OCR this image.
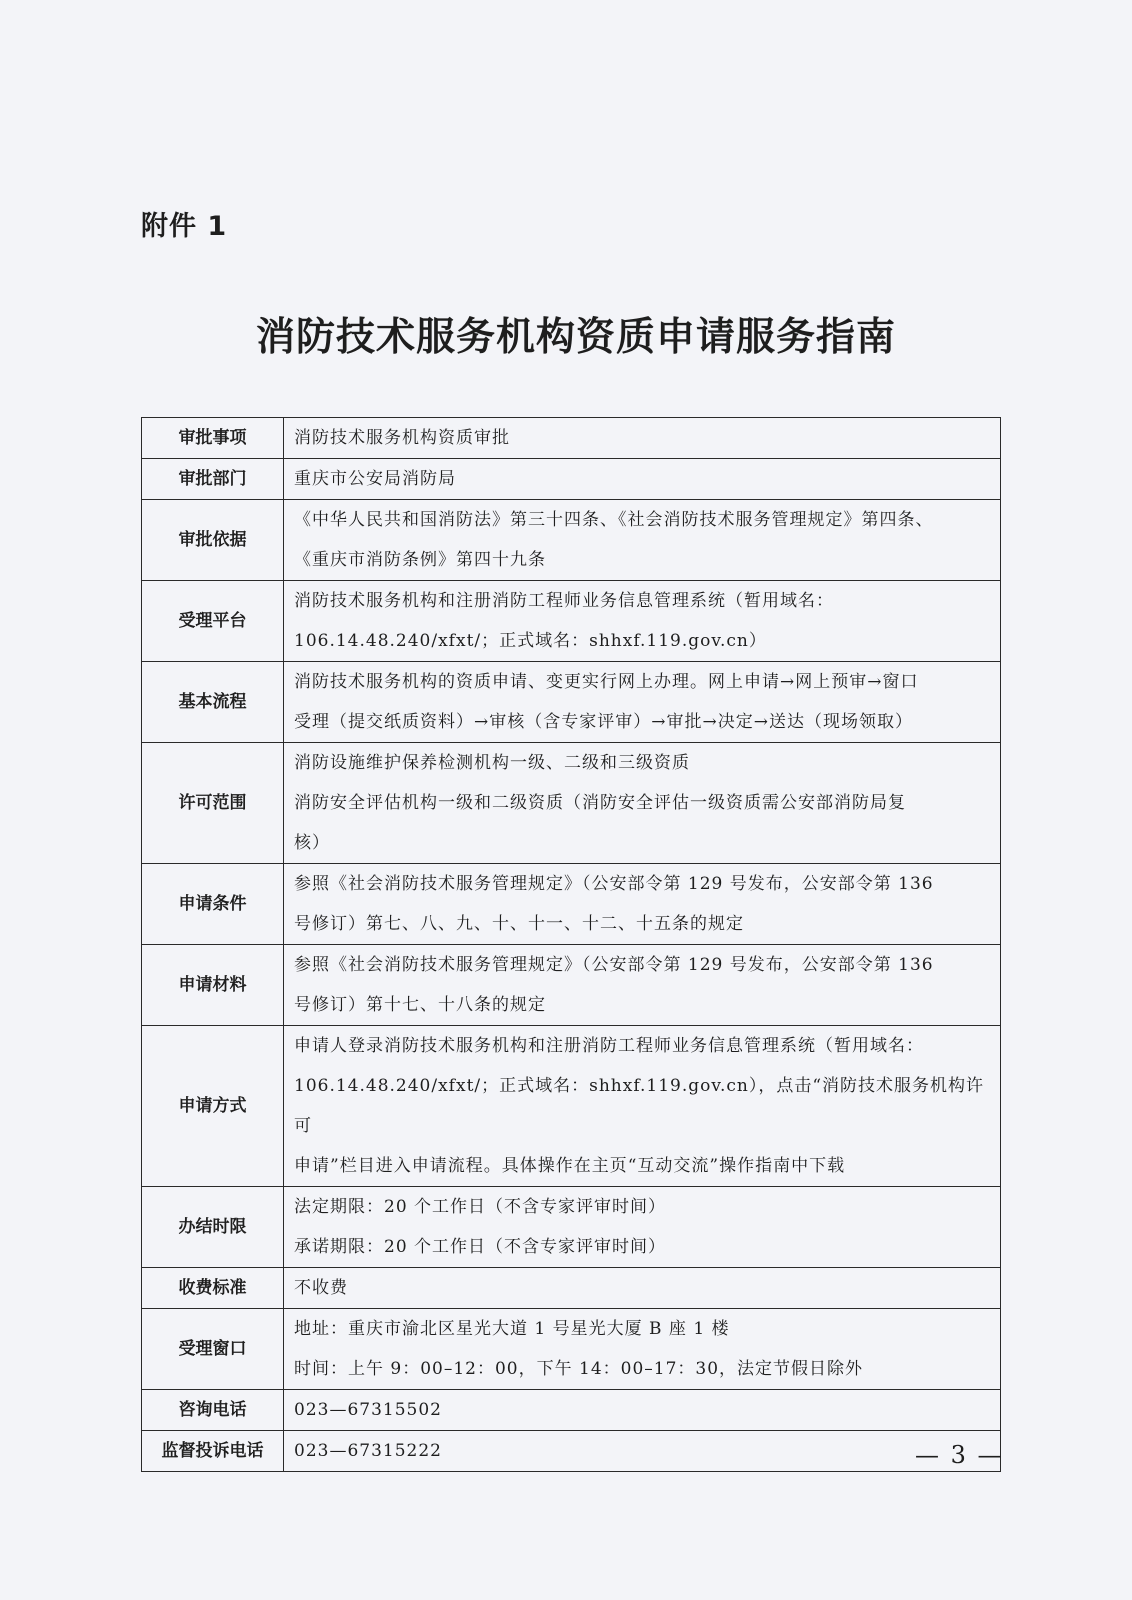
附件 1
消防技术服务机构资质申请服务指南
审批事项	消防技术服务机构资质审批

审批部门	重庆市公安局消防局

审批依据	《中华人民共和国消防法》第三十四条、《社会消防技术服务管理规定》第四条、
《重庆市消防条例》第四十九条

受理平台	消防技术服务机构和注册消防工程师业务信息管理系统（暂用域名：
106.14.48.240/xfxt/；正式域名：shhxf.119.gov.cn）

基本流程	消防技术服务机构的资质申请、变更实行网上办理。网上申请→网上预审→窗口
受理（提交纸质资料）→审核（含专家评审）→审批→决定→送达（现场领取）

许可范围	消防设施维护保养检测机构一级、二级和三级资质
消防安全评估机构一级和二级资质（消防安全评估一级资质需公安部消防局复
核）

申请条件	参照《社会消防技术服务管理规定》（公安部令第 129 号发布，公安部令第 136
号修订）第七、八、九、十、十一、十二、十五条的规定

申请材料	参照《社会消防技术服务管理规定》（公安部令第 129 号发布，公安部令第 136
号修订）第十七、十八条的规定

申请方式	申请人登录消防技术服务机构和注册消防工程师业务信息管理系统（暂用域名：
106.14.48.240/xfxt/；正式域名：shhxf.119.gov.cn），点击“消防技术服务机构许可
申请”栏目进入申请流程。具体操作在主页“互动交流”操作指南中下载

办结时限	法定期限：20 个工作日（不含专家评审时间）
承诺期限：20 个工作日（不含专家评审时间）

收费标准	不收费

受理窗口	地址：重庆市渝北区星光大道 1 号星光大厦 B 座 1 楼
时间：上午 9：00–12：00，下午 14：00–17：30，法定节假日除外

咨询电话	023—67315502

监督投诉电话	023—67315222	— 3 —
